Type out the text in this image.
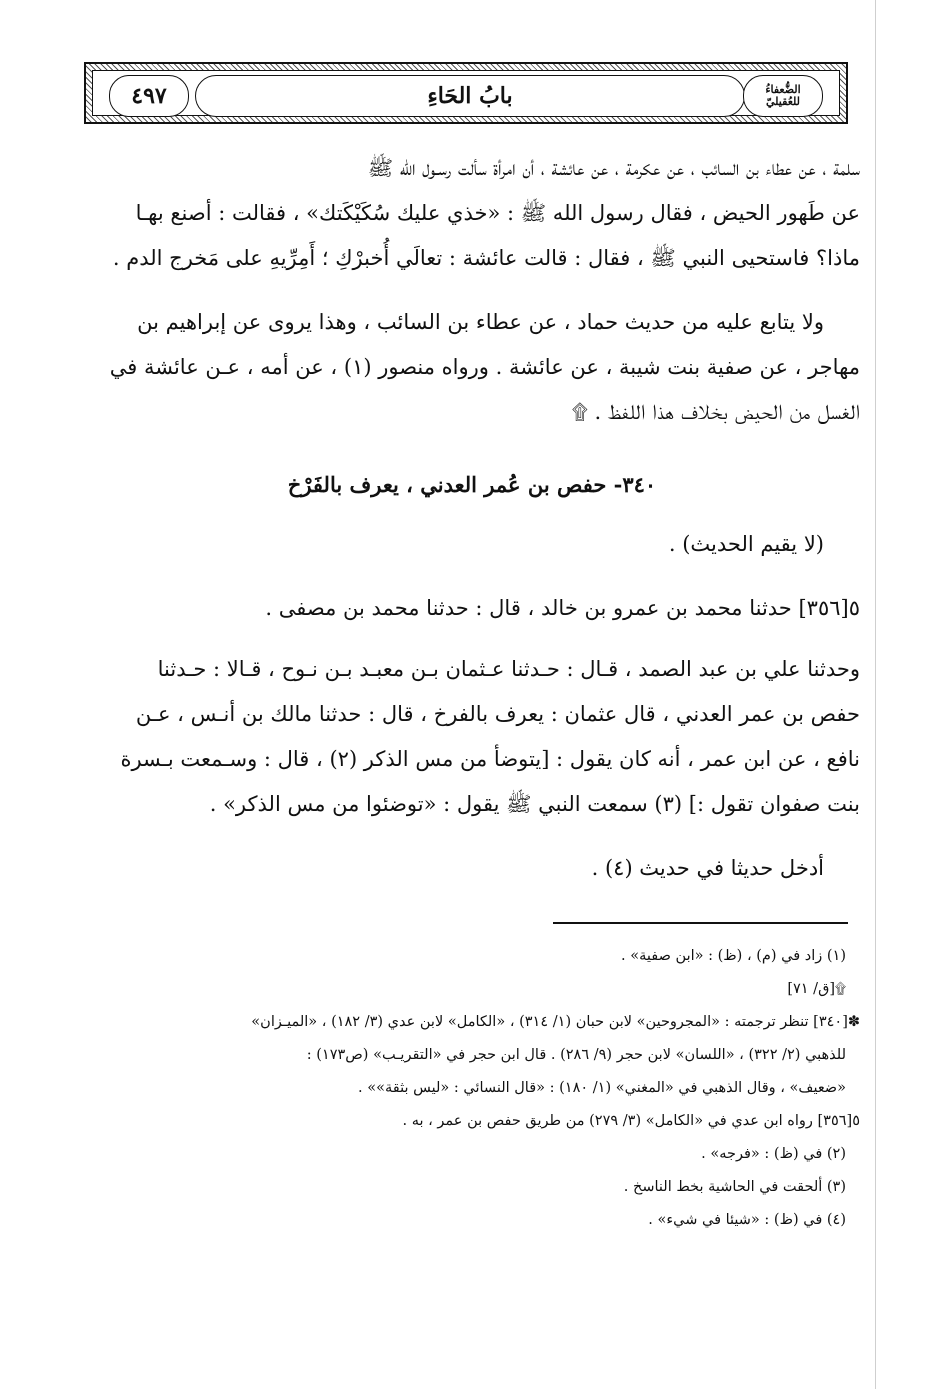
٤٩٧	بابُ الحَاءِ	الضُّعفاءُ
للعُقيليّ

سلمة ، عن عطاء بن السائب ، عن عكرمة ، عن عائشة ، أن امرأة سألت رسـول الله ﷺ

عن طَهور الحيض ، فقال رسول الله ﷺ : «خذي عليك سُكَيْكَتك» ، فقالت : أصنع بهـا

ماذا؟ فاستحيى النبي ﷺ ، فقال : قالت عائشة : تعالَي أُخبرْكِ ؛ أَمِرِّيهِ على مَخرج الدم .

ولا يتابع عليه من حديث حماد ، عن عطاء بن السائب ، وهذا يروى عن إبراهيم بن

مهاجر ، عن صفية بنت شيبة ، عن عائشة . ورواه منصور (١) ، عن أمه ، عـن عائشة في

الغسل من الحيض بخلاف هذا اللفظ . ۩

٣٤٠- حفص بن عُمر العدني ، يعرف بالفَرْخ
(لا يقيم الحديث) .

٥[٣٥٦] حدثنا محمد بن عمرو بن خالد ، قال : حدثنا محمد بن مصفى .

وحدثنا علي بن عبد الصمد ، قـال : حـدثنا عـثمان بـن معبـد بـن نـوح ، قـالا : حـدثنا

حفص بن عمر العدني ، قال عثمان : يعرف بالفرخ ، قال : حدثنا مالك بن أنـس ، عـن

نافع ، عن ابن عمر ، أنه كان يقول : [يتوضأ من مس الذكر (٢) ، قال : وسـمعت بـسرة

بنت صفوان تقول :] (٣) سمعت النبي ﷺ يقول : «توضئوا من مس الذكر» .

أدخل حديثا في حديث (٤) .
(١) زاد في (م) ، (ظ) : «ابن صفية» .
۩[ق/ ٧١]
✽[٣٤٠] تنظر ترجمته : «المجروحين» لابن حبان (١/ ٣١٤) ، «الكامل» لابن عدي (٣/ ١٨٢) ، «الميـزان»
للذهبي (٢/ ٣٢٢) ، «اللسان» لابن حجر (٩/ ٢٨٦) . قال ابن حجر في «التقريـب» (ص١٧٣) :
«ضعيف» ، وقال الذهبي في «المغني» (١/ ١٨٠) : «قال النسائي : «ليس بثقة»» .
٥[٣٥٦] رواه ابن عدي في «الكامل» (٣/ ٢٧٩) من طريق حفص بن عمر ، به .
(٢) في (ظ) : «فرجه» .
(٣) ألحقت في الحاشية بخط الناسخ .
(٤) في (ظ) : «شيئا في شيء» .
